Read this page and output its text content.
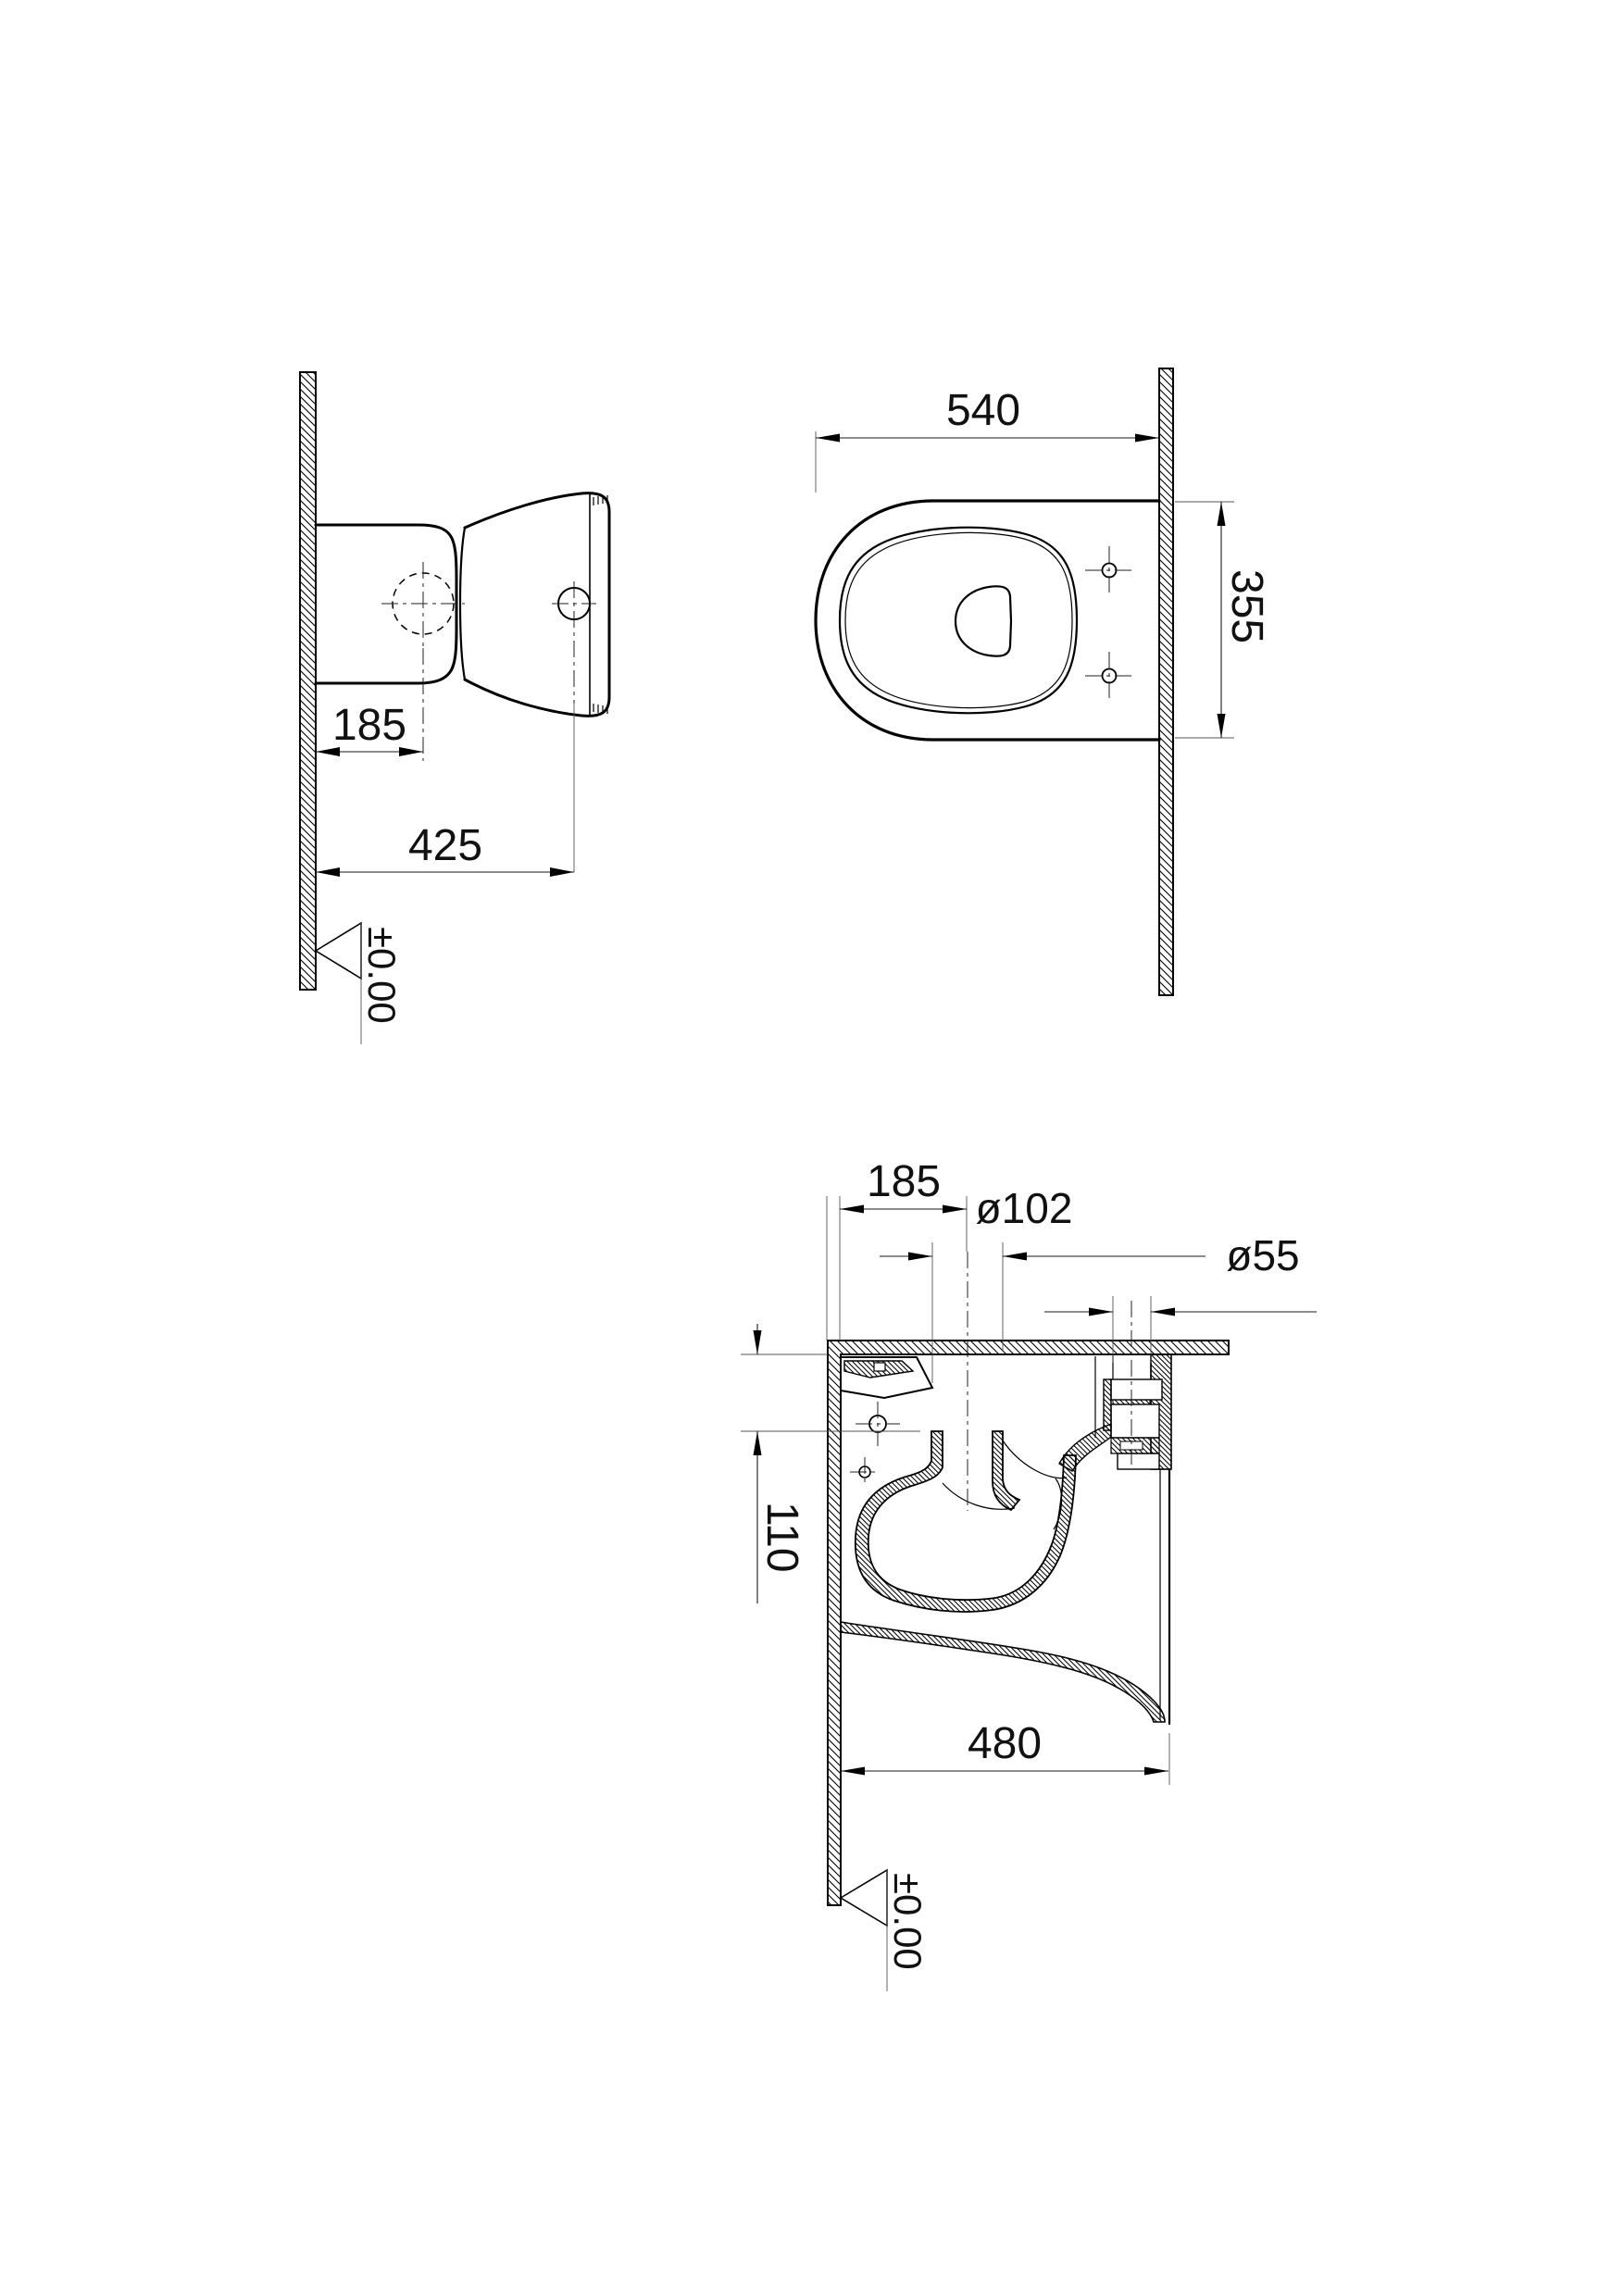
185
425
±0.00
540
355
110
185
ø102
ø55
480
±0.00
